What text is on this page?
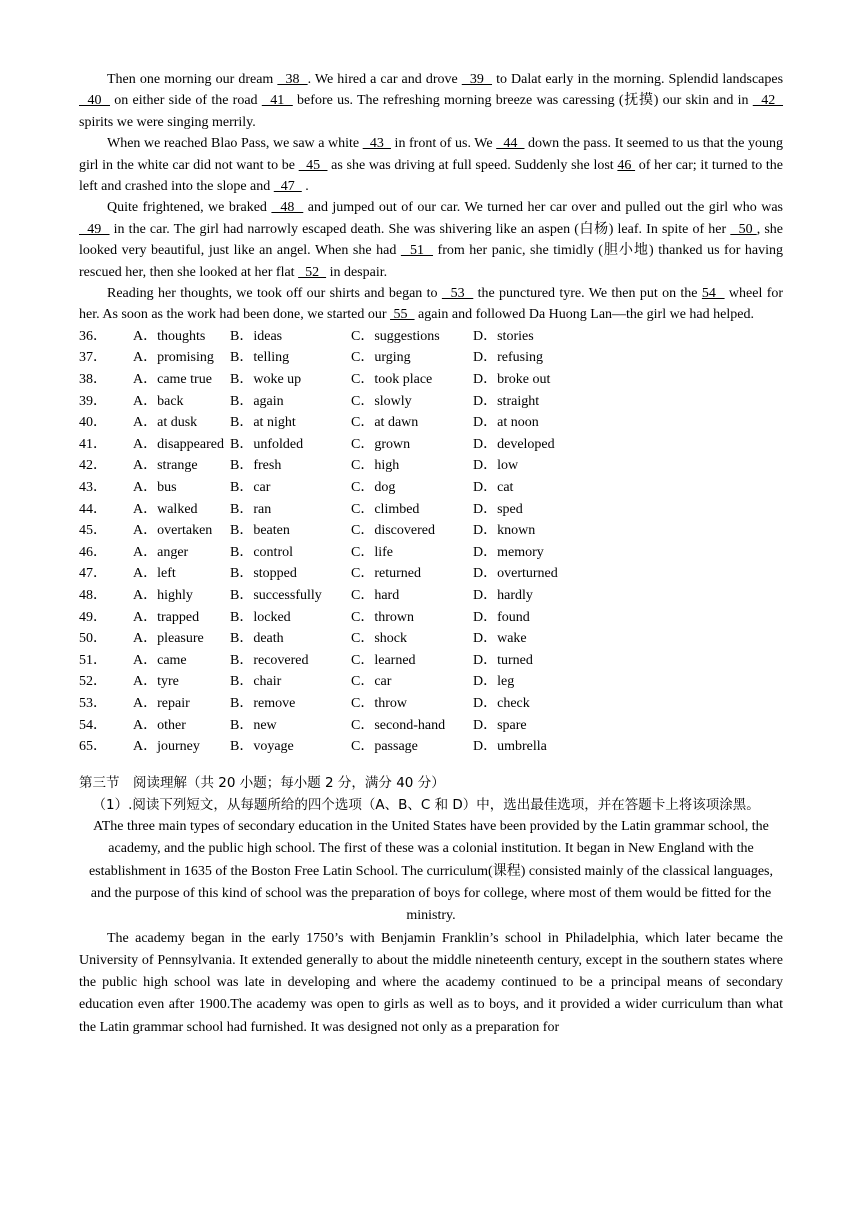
Then one morning our dream   38  . We hired a car and drove   39   to Dalat early in the morning. Splendid landscapes   40   on either side of the road   41   before us. The refreshing morning breeze was caressing (抚摸) our skin and in   42   spirits we were singing merrily.

When we reached Blao Pass, we saw a white   43   in front of us. We   44   down the pass. It seemed to us that the young girl in the white car did not want to be   45   as she was driving at full speed. Suddenly she lost 46  of her car; it turned to the left and crashed into the slope and   47   .

Quite frightened, we braked   48   and jumped out of our car. We turned her car over and pulled out the girl who was   49   in the car. The girl had narrowly escaped death. She was shivering like an aspen (白杨) leaf. In spite of her   50 , she looked very beautiful, just like an angel. When she had   51   from her panic, she timidly (胆小地) thanked us for having rescued her, then she looked at her flat   52   in despair.

Reading her thoughts, we took off our shirts and began to   53   the punctured tyre. We then put on the 54   wheel for her. As soon as the work had been done, we started our  55   again and followed Da Huong Lan—the girl we had helped.

36．	A．thoughts	B．ideas	C．suggestions	D．stories
37．	A．promising	B．telling	C．urging	D．refusing
38．	A．came true	B．woke up	C．took place	D．broke out
39．	A．back	B．again	C．slowly	D．straight
40．	A．at dusk	B．at night	C．at dawn	D．at noon
41．	A．disappeared B．unfolded	C．grown	D．developed
42．	A．strange	B．fresh	C．high	D．low
43．	A．bus	B．car	C．dog	D．cat
44．	A．walked	B．ran	C．climbed	D．sped
45．	A．overtaken	B．beaten	C．discovered	D．known
46．	A．anger	B．control	C．life	D．memory
47．	A．left	B．stopped	C．returned	D．overturned
48．	A．highly	B．successfully	C．hard	D．hardly
49．	A．trapped	B．locked	C．thrown	D．found
50．	A．pleasure	B．death	C．shock	D．wake
51．	A．came	B．recovered	C．learned	D．turned
52．	A．tyre	B．chair	C．car	D．leg
53．	A．repair	B．remove	C．throw	D．check
54．	A．other	B．new	C．second-hand	D．spare
65．	A．journey	B．voyage	C．passage	D．umbrella
第三节　阅读理解（共 20 小题；每小题 2 分，满分 40 分）
（1）.阅读下列短文，从每题所给的四个选项（A、B、C 和 D）中，选出最佳选项，并在答题卡上将该项涂黑。

AThe three main types of secondary education in the United States have been provided by the Latin grammar school, the academy, and the public high school. The first of these was a colonial institution. It began in New England with the establishment in 1635 of the Boston Free Latin School. The curriculum(课程) consisted mainly of the classical languages, and the purpose of this kind of school was the preparation of boys for college, where most of them would be fitted for the ministry.

The academy began in the early 1750’s with Benjamin Franklin’s school in Philadelphia, which later became the University of Pennsylvania. It extended generally to about the middle nineteenth century, except in the southern states where the public high school was late in developing and where the academy continued to be a principal means of secondary education even after 1900.The academy was open to girls as well as to boys, and it provided a wider curriculum than what the Latin grammar school had furnished. It was designed not only as a preparation for
